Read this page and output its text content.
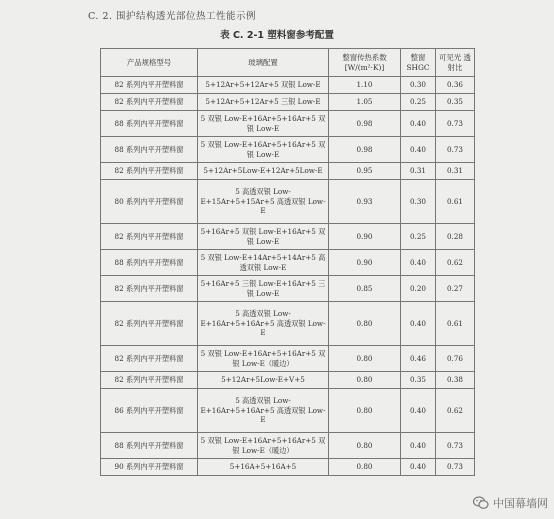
C. 2. 围护结构透光部位热工性能示例
表 C. 2-1 塑料窗参考配置
产品规格型号	玻璃配置	整窗传热系数 [W/(m²·K)]	整窗 SHGC	可见光 透射比
82 系列内平开塑料窗	5+12Ar+5+12Ar+5 双银 Low-E	1.10	0.30	0.36
82 系列内平开塑料窗	5+12Ar+5+12Ar+5 三银 Low-E	1.05	0.25	0.35
88 系列内平开塑料窗	5 双银 Low-E+16Ar+5+16Ar+5 双银 Low-E	0.98	0.40	0.73
88 系列内平开塑料窗	5 双银 Low-E+16Ar+5+16Ar+5 双银 Low-E	0.98	0.40	0.73
82 系列内平开塑料窗	5+12Ar+5Low-E+12Ar+5Low-E	0.95	0.31	0.31
80 系列内平开塑料窗	5 高透双银 Low-E+15Ar+5+15Ar+5 高透双银 Low-E	0.93	0.30	0.61
82 系列内平开塑料窗	5+16Ar+5 双银 Low-E+16Ar+5 双银 Low-E	0.90	0.25	0.28
88 系列内平开塑料窗	5 双银 Low-E+14Ar+5+14Ar+5 高透双银 Low-E	0.90	0.40	0.62
82 系列内平开塑料窗	5+16Ar+5 三银 Low-E+16Ar+5 三银 Low-E	0.85	0.20	0.27
82 系列内平开塑料窗	5 高透双银 Low-E+16Ar+5+16Ar+5 高透双银 Low-E	0.80	0.40	0.61
82 系列内平开塑料窗	5 双银 Low-E+16Ar+5+16Ar+5 双银 Low-E（暖边）	0.80	0.46	0.76
82 系列内平开塑料窗	5+12Ar+5Low-E+V+5	0.80	0.35	0.38
86 系列内平开塑料窗	5 高透双银 Low-E+16Ar+5+16Ar+5 高透双银 Low-E	0.80	0.40	0.62
88 系列内平开塑料窗	5 双银 Low-E+16Ar+5+16Ar+5 双银 Low-E（暖边）	0.80	0.40	0.73
90 系列内平开塑料窗	5+16A+5+16A+5	0.80	0.40	0.73
中国幕墙网
